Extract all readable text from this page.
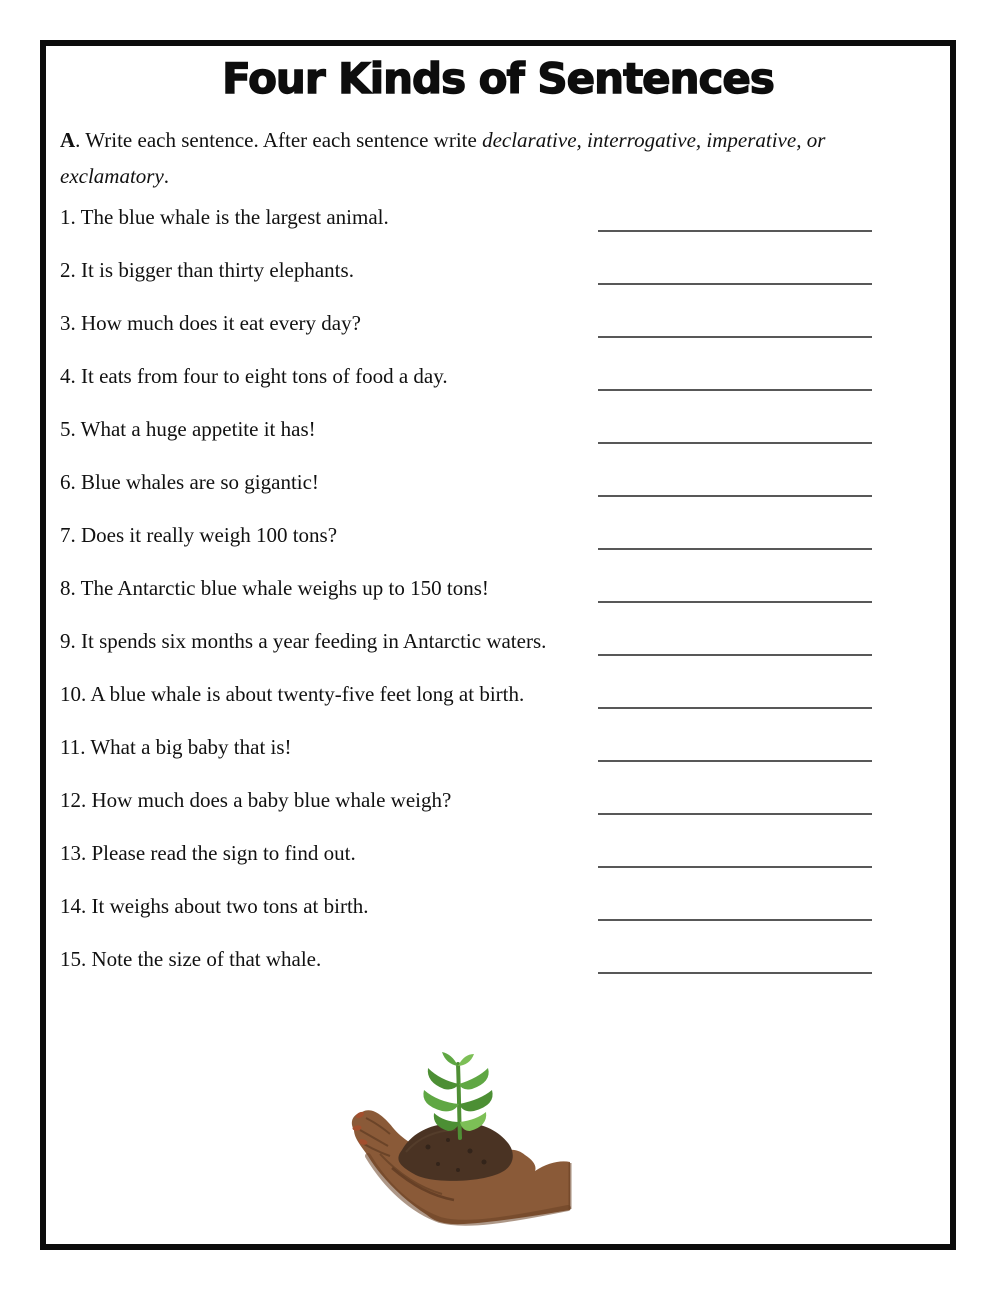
Four Kinds of Sentences

A. Write each sentence. After each sentence write declarative, interrogative, imperative, or exclamatory.

1. The blue whale is the largest animal.
2. It is bigger than thirty elephants.
3. How much does it eat every day?
4. It eats from four to eight tons of food a day.
5. What a huge appetite it has!
6. Blue whales are so gigantic!
7. Does it really weigh 100 tons?
8. The Antarctic blue whale weighs up to 150 tons!
9. It spends six months a year feeding in Antarctic waters.
10. A blue whale is about twenty-five feet long at birth.
11. What a big baby that is!
12. How much does a baby blue whale weigh?
13. Please read the sign to find out.
14. It weighs about two tons at birth.
15. Note the size of that whale.
